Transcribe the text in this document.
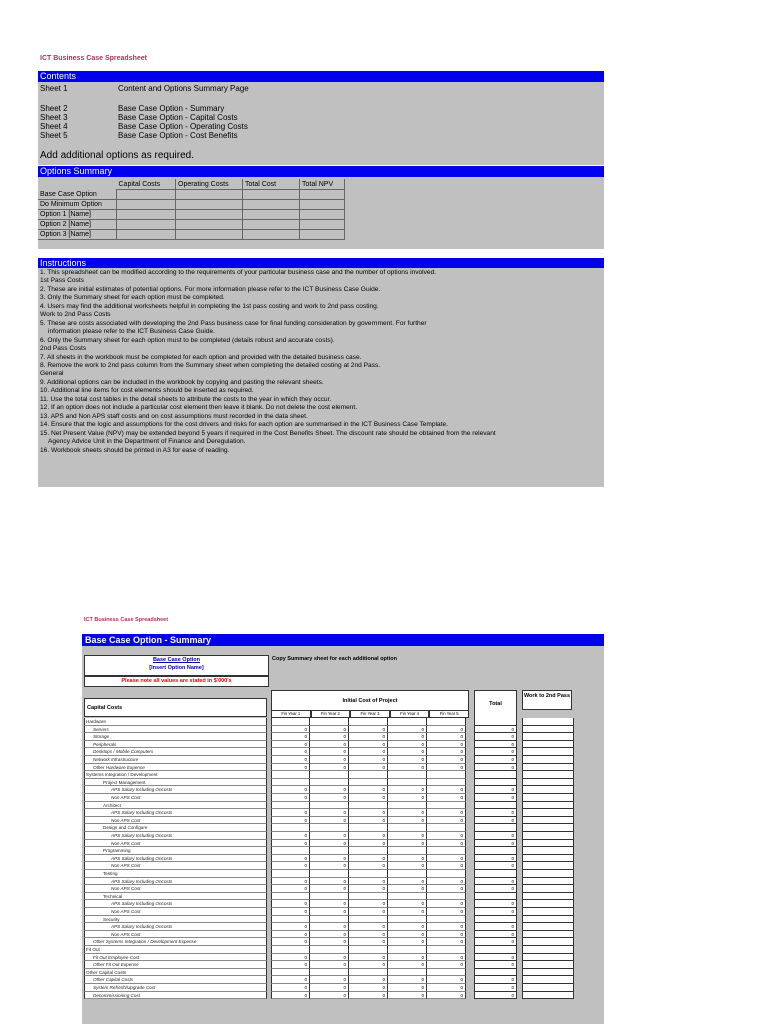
ICT Business Case Spreadsheet
Contents
Sheet 1	Content and Options Summary Page
Sheet 2	Base Case Option - Summary
Sheet 3	Base Case Option - Capital Costs
Sheet 4	Base Case Option - Operating Costs
Sheet 5	Base Case Option - Cost Benefits
Add additional options as required.
Options Summary
	Capital Costs	Operating Costs	Total Cost	Total NPV
Base Case Option				
Do Minimum Option				
Option 1 [Name]				
Option 2 [Name]				
Option 3 [Name]				
Instructions
1. This spreadsheet can be modified according to the requirements of your particular business case and the number of options involved.
1st Pass Costs
2. These are initial estimates of potential options. For more information please refer to the ICT Business Case Guide.
3. Only the Summary sheet for each option must be completed.
4. Users may find the additional worksheets helpful in completing the 1st pass costing and work to 2nd pass costing.
Work to 2nd Pass Costs
5. These are costs associated with developing the 2nd Pass business case for final funding consideration by government. For further
information please refer to the ICT Business Case Guide.
6. Only the Summary sheet for each option must to be completed (details robust and accurate costs).
2nd Pass Costs
7. All sheets in the workbook must be completed for each option and provided with the detailed business case.
8. Remove the work to 2nd pass column from the Summary sheet when completing the detailed costing at 2nd Pass.
General
9. Additional options can be included in the workbook by copying and pasting the relevant sheets.
10. Additional line items for cost elements should be inserted as required.
11. Use the total cost tables in the detail sheets to attribute the costs to the year in which they occur.
12. If an option does not include a particular cost element then leave it blank. Do not delete the cost element.
13. APS and Non APS staff costs and on cost assumptions must recorded in the data sheet.
14. Ensure that the logic and assumptions for the cost drivers and risks for each option are summarised in the ICT Business Case Template.
15. Net Present Value (NPV) may be extended beyond 5 years if required in the Cost Benefits Sheet. The discount rate should be obtained from the relevant
Agency Advice Unit in the Department of Finance and Deregulation.
16. Workbook sheets should be printed in A3 for ease of reading.
ICT Business Case Spreadsheet
Base Case Option - Summary
Base Case Option
[Insert Option Name]
Copy Summary sheet for each additional option
Please note all values are stated in $'000's
Capital Costs
Initial Cost of Project
Fin Year 1	Fin Year 2	Fin Year 3	Fin Year 4	Fin Year 5
Total
Work to 2nd Pass
Hardware
Servers	0	0	0	0	0	0
Storage	0	0	0	0	0	0
Peripherals	0	0	0	0	0	0
Desktops / Mobile Computers	0	0	0	0	0	0
Network Infrastructure	0	0	0	0	0	0
Other Hardware Expense	0	0	0	0	0	0
Systems Integration / Development
Project Management
APS Salary Including Oncosts	0	0	0	0	0	0
Non APS Cost	0	0	0	0	0	0
Architect
APS Salary Including Oncosts	0	0	0	0	0	0
Non APS Cost	0	0	0	0	0	0
Design and Configure
APS Salary Including Oncosts	0	0	0	0	0	0
Non APS Cost	0	0	0	0	0	0
Programming
APS Salary Including Oncosts	0	0	0	0	0	0
Non APS Cost	0	0	0	0	0	0
Testing
APS Salary Including Oncosts	0	0	0	0	0	0
Non APS Cost	0	0	0	0	0	0
Technical
APS Salary Including Oncosts	0	0	0	0	0	0
Non APS Cost	0	0	0	0	0	0
Security
APS Salary Including Oncosts	0	0	0	0	0	0
Non APS Cost	0	0	0	0	0	0
Other Systems Integration / Development Expense	0	0	0	0	0	0
Fit Out
Fit Out Employee Cost	0	0	0	0	0	0
Other Fit Out Expense	0	0	0	0	0	0
Other Capital Costs
Other Capital Costs	0	0	0	0	0	0
System Refresh/Upgrade Cost	0	0	0	0	0	0
Decommissioning Cost	0	0	0	0	0	0
